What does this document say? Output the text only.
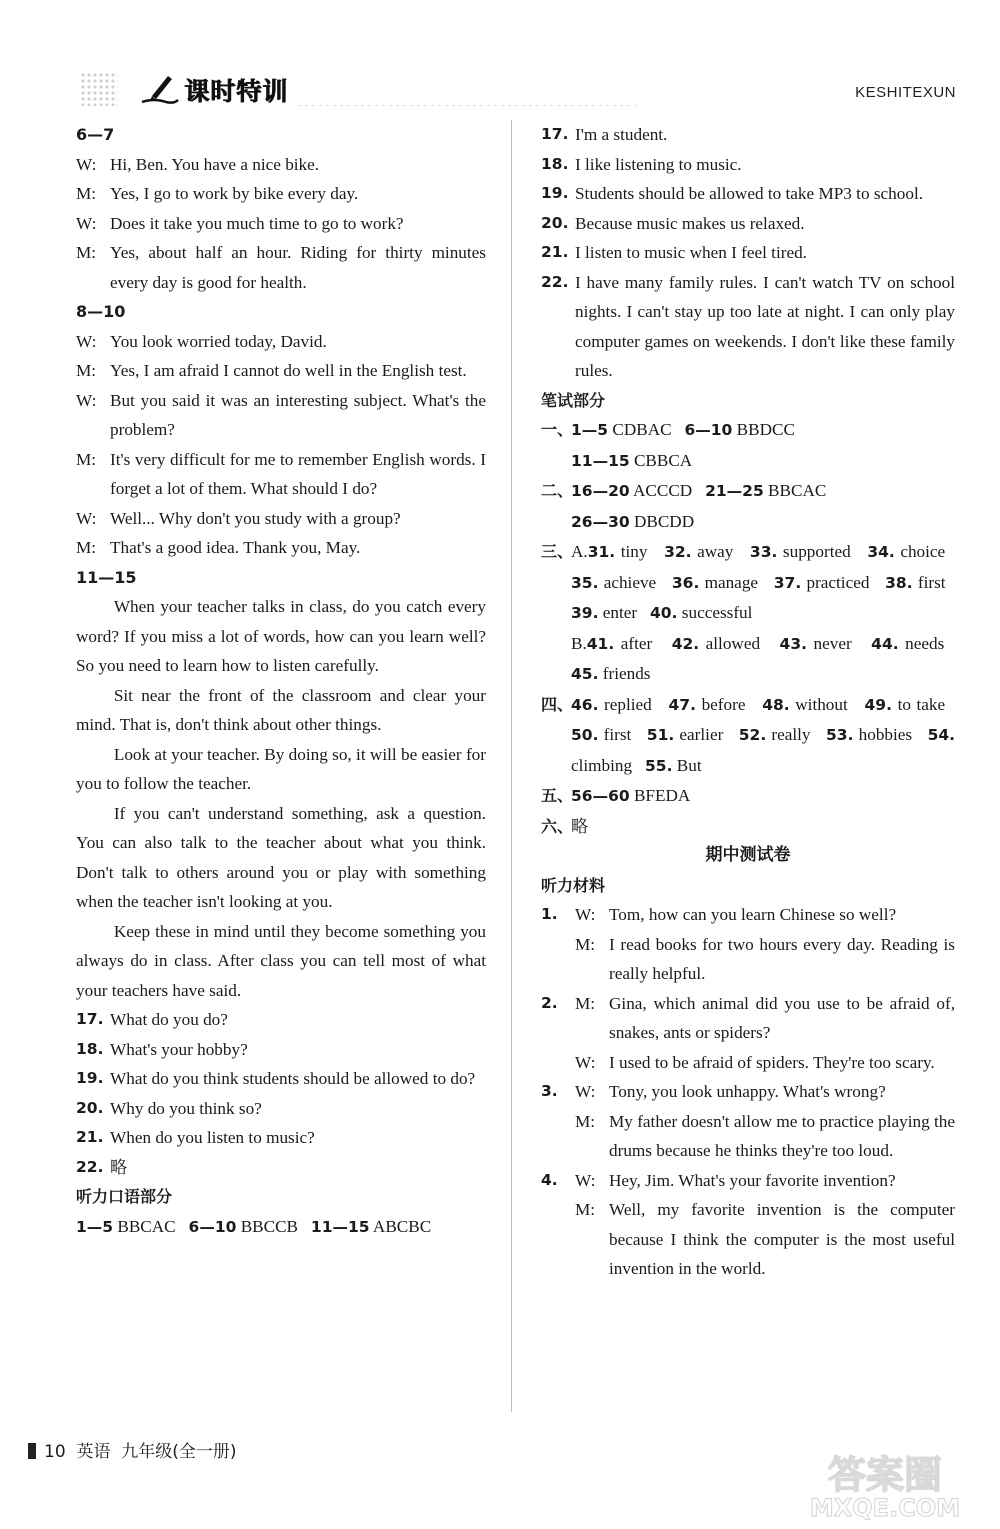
课时特训	KESHITEXUN

6—7

W: Hi, Ben. You have a nice bike.
M: Yes, I go to work by bike every day.
W: Does it take you much time to go to work?
M: Yes, about half an hour. Riding for thirty minutes every day is good for health.

8—10

W: You look worried today, David.
M: Yes, I am afraid I cannot do well in the English test.
W: But you said it was an interesting subject. What's the problem?
M: It's very difficult for me to remember English words. I forget a lot of them. What should I do?
W: Well... Why don't you study with a group?
M: That's a good idea. Thank you, May.

11—15

When your teacher talks in class, do you catch every word? If you miss a lot of words, how can you learn well? So you need to learn how to listen carefully.

Sit near the front of the classroom and clear your mind. That is, don't think about other things.

Look at your teacher. By doing so, it will be easier for you to follow the teacher.

If you can't understand something, ask a question. You can also talk to the teacher about what you think. Don't talk to others around you or play with something when the teacher isn't looking at you.

Keep these in mind until they become something you always do in class. After class you can tell most of what your teachers have said.

17. What do you do?
18. What's your hobby?
19. What do you think students should be allowed to do?
20. Why do you think so?
21. When do you listen to music?
22. 略

听力口语部分

1—5 BBCAC 6—10 BBCCB 11—15 ABCBC

17. I'm a student.
18. I like listening to music.
19. Students should be allowed to take MP3 to school.
20. Because music makes us relaxed.
21. I listen to music when I feel tired.
22. I have many family rules. I can't watch TV on school nights. I can't stay up too late at night. I can only play computer games on weekends. I don't like these family rules.

笔试部分

一、
1—5 CDBAC 6—10 BBDCC
11—15 CBBCA
二、
16—20 ACCCD 21—25 BBCAC
26—30 DBCDD
三、
A.31. tiny 32. away 33. supported 34. choice   35. achieve 36. manage 37. practiced 38. first   39. enter 40. successful
B.41. after 42. allowed 43. never 44. needs   45. friends
四、
46. replied 47. before 48. without 49. to take   50. first 51. earlier 52. really 53. hobbies 54. climbing 55. But
五、
56—60 BFEDA
六、
略

期中测试卷

听力材料

1.	W: Tom, how can you learn Chinese so well?
M: I read books for two hours every day. Reading is really helpful.
2.	M: Gina, which animal did you use to be afraid of, snakes, ants or spiders?
W: I used to be afraid of spiders. They're too scary.
3.	W: Tony, you look unhappy. What's wrong?
M: My father doesn't allow me to practice playing the drums because he thinks they're too loud.
4.	W: Hey, Jim. What's your favorite invention?
M: Well, my favorite invention is the computer because I think the computer is the most useful invention in the world.
10 英语 九年级(全一册)
答案圈
MXQE.COM
